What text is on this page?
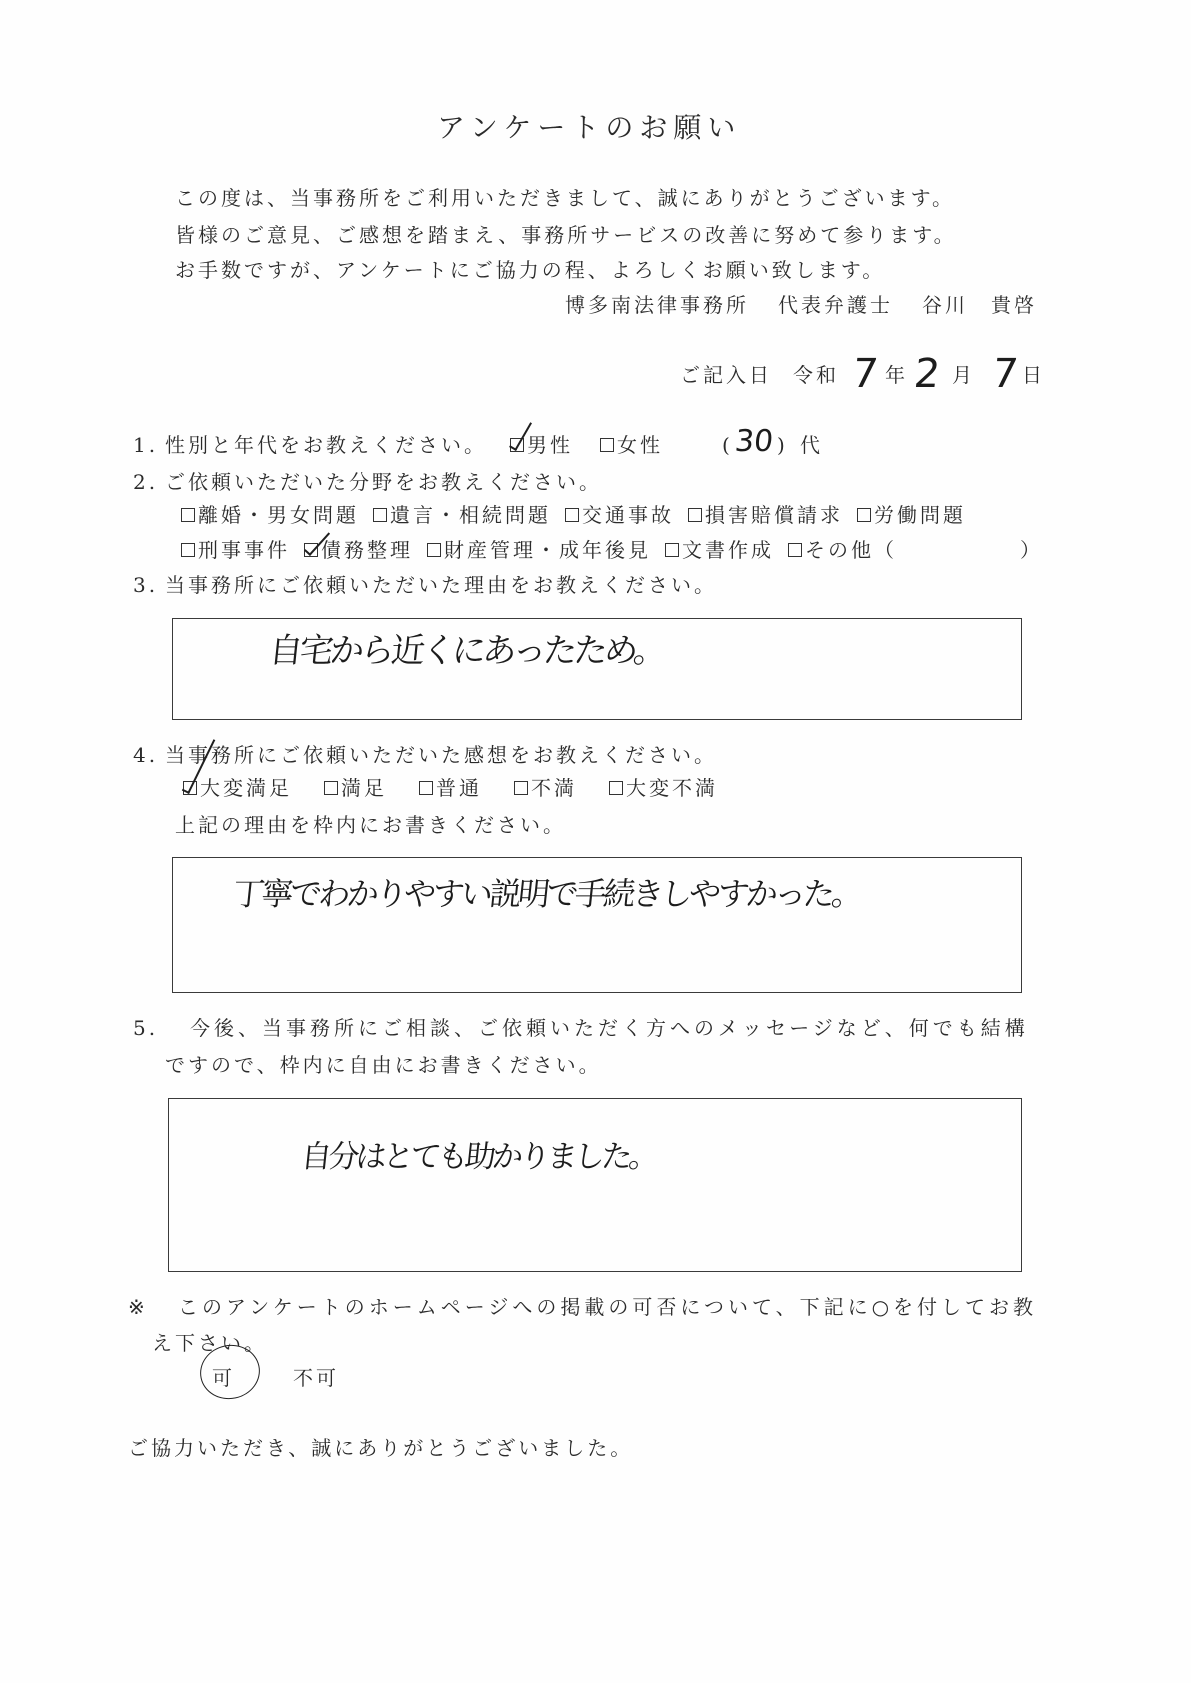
アンケートのお願い
この度は、当事務所をご利用いただきまして、誠にありがとうございます。
皆様のご意見、ご感想を踏まえ、事務所サービスの改善に努めて参ります。
お手数ですが、アンケートにご協力の程、よろしくお願い致します。
博多南法律事務所 代表弁護士 谷川　貴啓
ご記入日 令和 7 年 2 月 7 日
1. 性別と年代をお教えください。 男性 女性	( 30 ) 代
2. ご依頼いただいた分野をお教えください。
離婚・男女問題 遺言・相続問題 交通事故 損害賠償請求 労働問題
刑事事件 債務整理 財産管理・成年後見 文書作成 その他 （	）
3. 当事務所にご依頼いただいた理由をお教えください。
自宅から近くにあったため。
4. 当事務所にご依頼いただいた感想をお教えください。
大変満足 満足 普通 不満 大変不満
上記の理由を枠内にお書きください。
丁寧でわかりやすい説明で手続きしやすかった。
5. 今後、当事務所にご相談、ご依頼いただく方へのメッセージなど、何でも結構
ですので、枠内に自由にお書きください。
自分はとても助かりました。
※ このアンケートのホームページへの掲載の可否について、下記に○を付してお教
え下さい。
可	不可
ご協力いただき、誠にありがとうございました。
